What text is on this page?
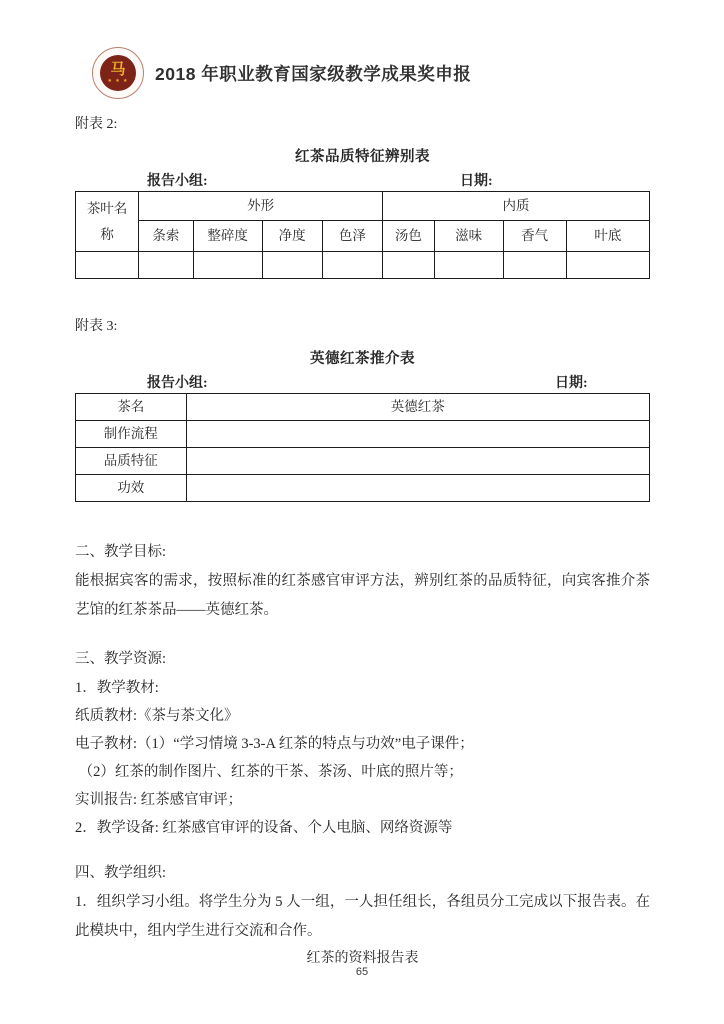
马
★ ★ ★ 2018 年职业教育国家级教学成果奖申报
附表 2:
红茶品质特征辨别表
报告小组:	日期:
茶叶名称	外形				内质			
	条索	整碎度	净度	色泽	汤色	滋味	香气	叶底

附表 3:
英德红茶推介表
报告小组:	日期:
茶名	英德红茶
制作流程	
品质特征	
功效	
二、教学目标:
能根据宾客的需求，按照标准的红茶感官审评方法，辨别红茶的品质特征，向宾客推介茶艺馆的红茶茶品——英德红茶。
三、教学资源:
1．教学教材:
纸质教材:《茶与茶文化》
电子教材:（1）“学习情境 3-3-A 红茶的特点与功效”电子课件；
（2）红茶的制作图片、红茶的干茶、茶汤、叶底的照片等；
实训报告: 红茶感官审评；
2．教学设备: 红茶感官审评的设备、个人电脑、网络资源等
四、教学组织:
1．组织学习小组。将学生分为 5 人一组，一人担任组长，各组员分工完成以下报告表。在此模块中，组内学生进行交流和合作。
红茶的资料报告表
65
